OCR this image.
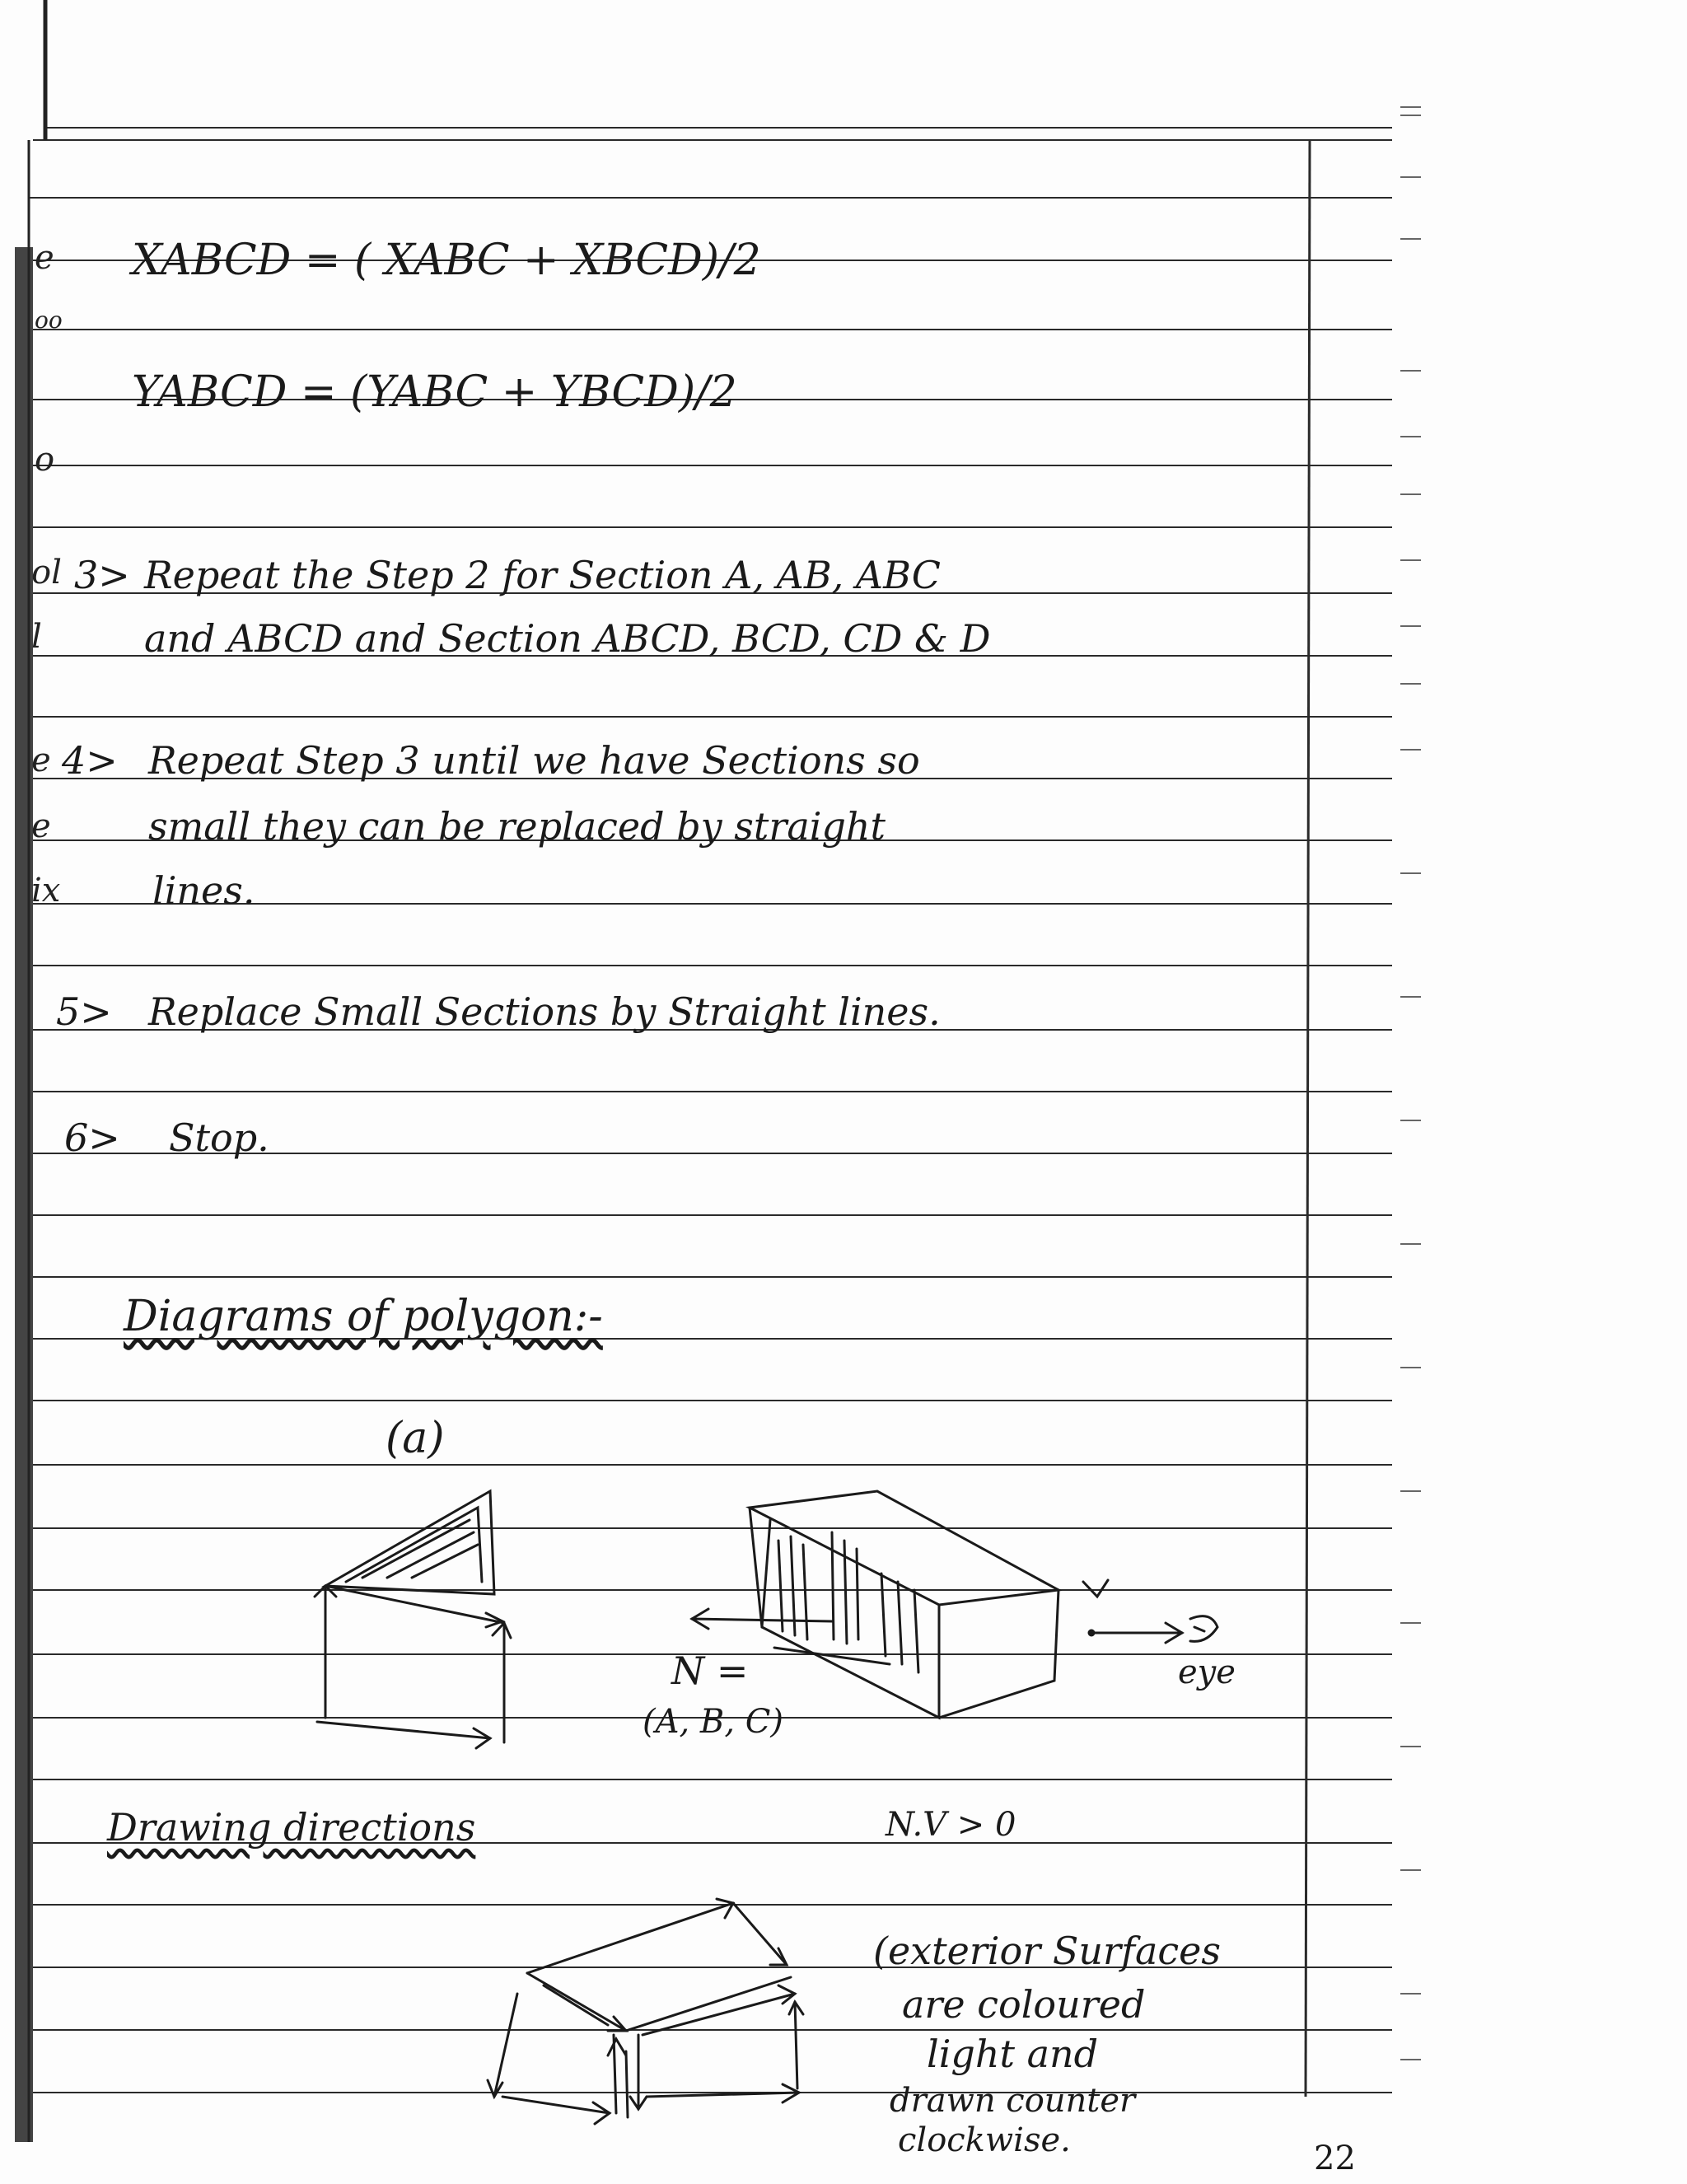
e
oo
o
ol
l
e
e
ix
XABCD = ( XABC + XBCD)/2
YABCD = (YABC + YBCD)/2
3> Repeat the Step 2 for Section A, AB, ABC
and ABCD and Section ABCD, BCD, CD & D
4> Repeat Step 3 until we have Sections so
small they can be replaced by straight
lines.
5> Replace Small Sections by Straight lines.
6> Stop.
Diagrams of polygon:-
(a)
N =
(A, B, C)
eye
N.V > 0
Drawing directions
(exterior Surfaces
are coloured
light and
drawn counter
clockwise.	22
